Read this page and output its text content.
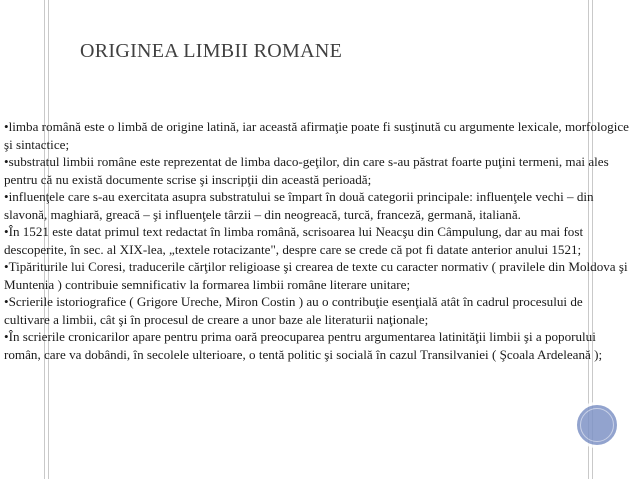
ORIGINEA LIMBII ROMANE

•limba română este o limbă de origine latină, iar această afirmaţie poate fi susţinută cu argumente lexicale, morfologice şi sintactice;

•substratul limbii române este reprezentat de limba daco-geţilor, din care s-au păstrat foarte puţini termeni, mai ales pentru că nu există documente scrise şi inscripţii din această perioadă;

•influenţele care s-au exercitata asupra substratului se împart în două categorii principale: influenţele vechi – din slavonă, maghiară, greacă – şi influenţele târzii – din neogreacă, turcă, franceză, germană, italiană.

•În 1521 este datat primul text redactat în limba română, scrisoarea lui Neacşu din Câmpulung, dar au mai fost descoperite, în sec. al XIX-lea, „textele rotacizante", despre care se crede că pot fi datate anterior anului 1521;

•Tipăriturile lui Coresi, traducerile cărţilor religioase şi crearea de texte cu caracter normativ ( pravilele din Moldova şi Muntenia ) contribuie semnificativ la formarea limbii române literare unitare;

•Scrierile istoriografice ( Grigore Ureche, Miron Costin ) au o contribuţie esenţială atât în cadrul procesului de cultivare a limbii, cât şi în procesul de creare a unor baze ale literaturii naţionale;

•În scrierile cronicarilor apare pentru prima oară preocuparea pentru argumentarea latinităţii limbii şi a poporului român, care va dobândi, în secolele ulterioare, o tentă politic şi socială în cazul Transilvaniei ( Şcoala Ardeleană );
